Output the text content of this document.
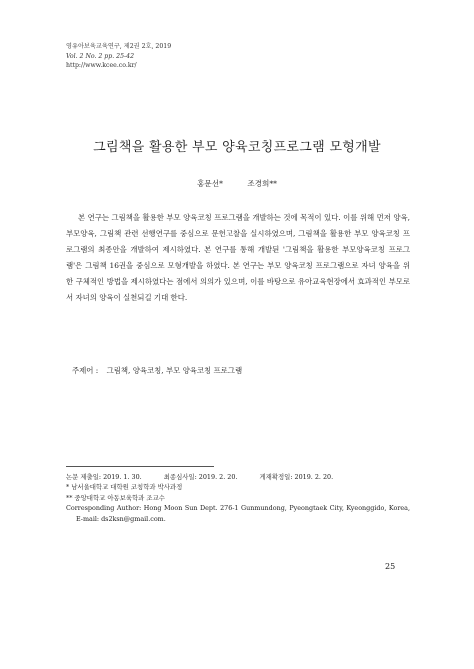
영유아보육교육연구, 제2권 2호, 2019
Vol. 2 No. 2 pp. 25-42
http://www.kcee.co.kr/
그림책을 활용한 부모 양육코칭프로그램 모형개발
홍문선*	조경희**
본 연구는 그림책을 활용한 부모 양육코칭 프로그램을 개발하는 것에 목적이 있다. 이를 위해 먼저 양육, 부모양육, 그림책 관련 선행연구를 중심으로 문헌고찰을 실시하였으며, 그림책을 활용한 부모 양육코칭 프로그램의 최종안을 개발하여 제시하였다. 본 연구를 통해 개발된 '그림책을 활용한 부모양육코칭 프로그램'은 그림책 16권을 중심으로 모형개발을 하였다. 본 연구는 부모 양육코칭 프로그램으로 자녀 양육을 위한 구체적인 방법을 제시하였다는 점에서 의의가 있으며, 이를 바탕으로 유아교육현장에서 효과적인 부모로서 자녀의 양육이 실천되길 기대 한다.
주제어 : 그림책, 양육코칭, 부모 양육코칭 프로그램
논문 제출일: 2019. 1. 30.	최종심사일: 2019. 2. 20.	게재확정일: 2019. 2. 20.
* 남서울대학교 대학원 코칭학과 박사과정
** 중앙대학교 아동보육학과 조교수
Corresponding Author: Hong Moon Sun Dept. 276-1 Gunmundong, Pyeongtaek City, Kyeonggido, Korea, E-mail: ds2ksn@gmail.com.
25
